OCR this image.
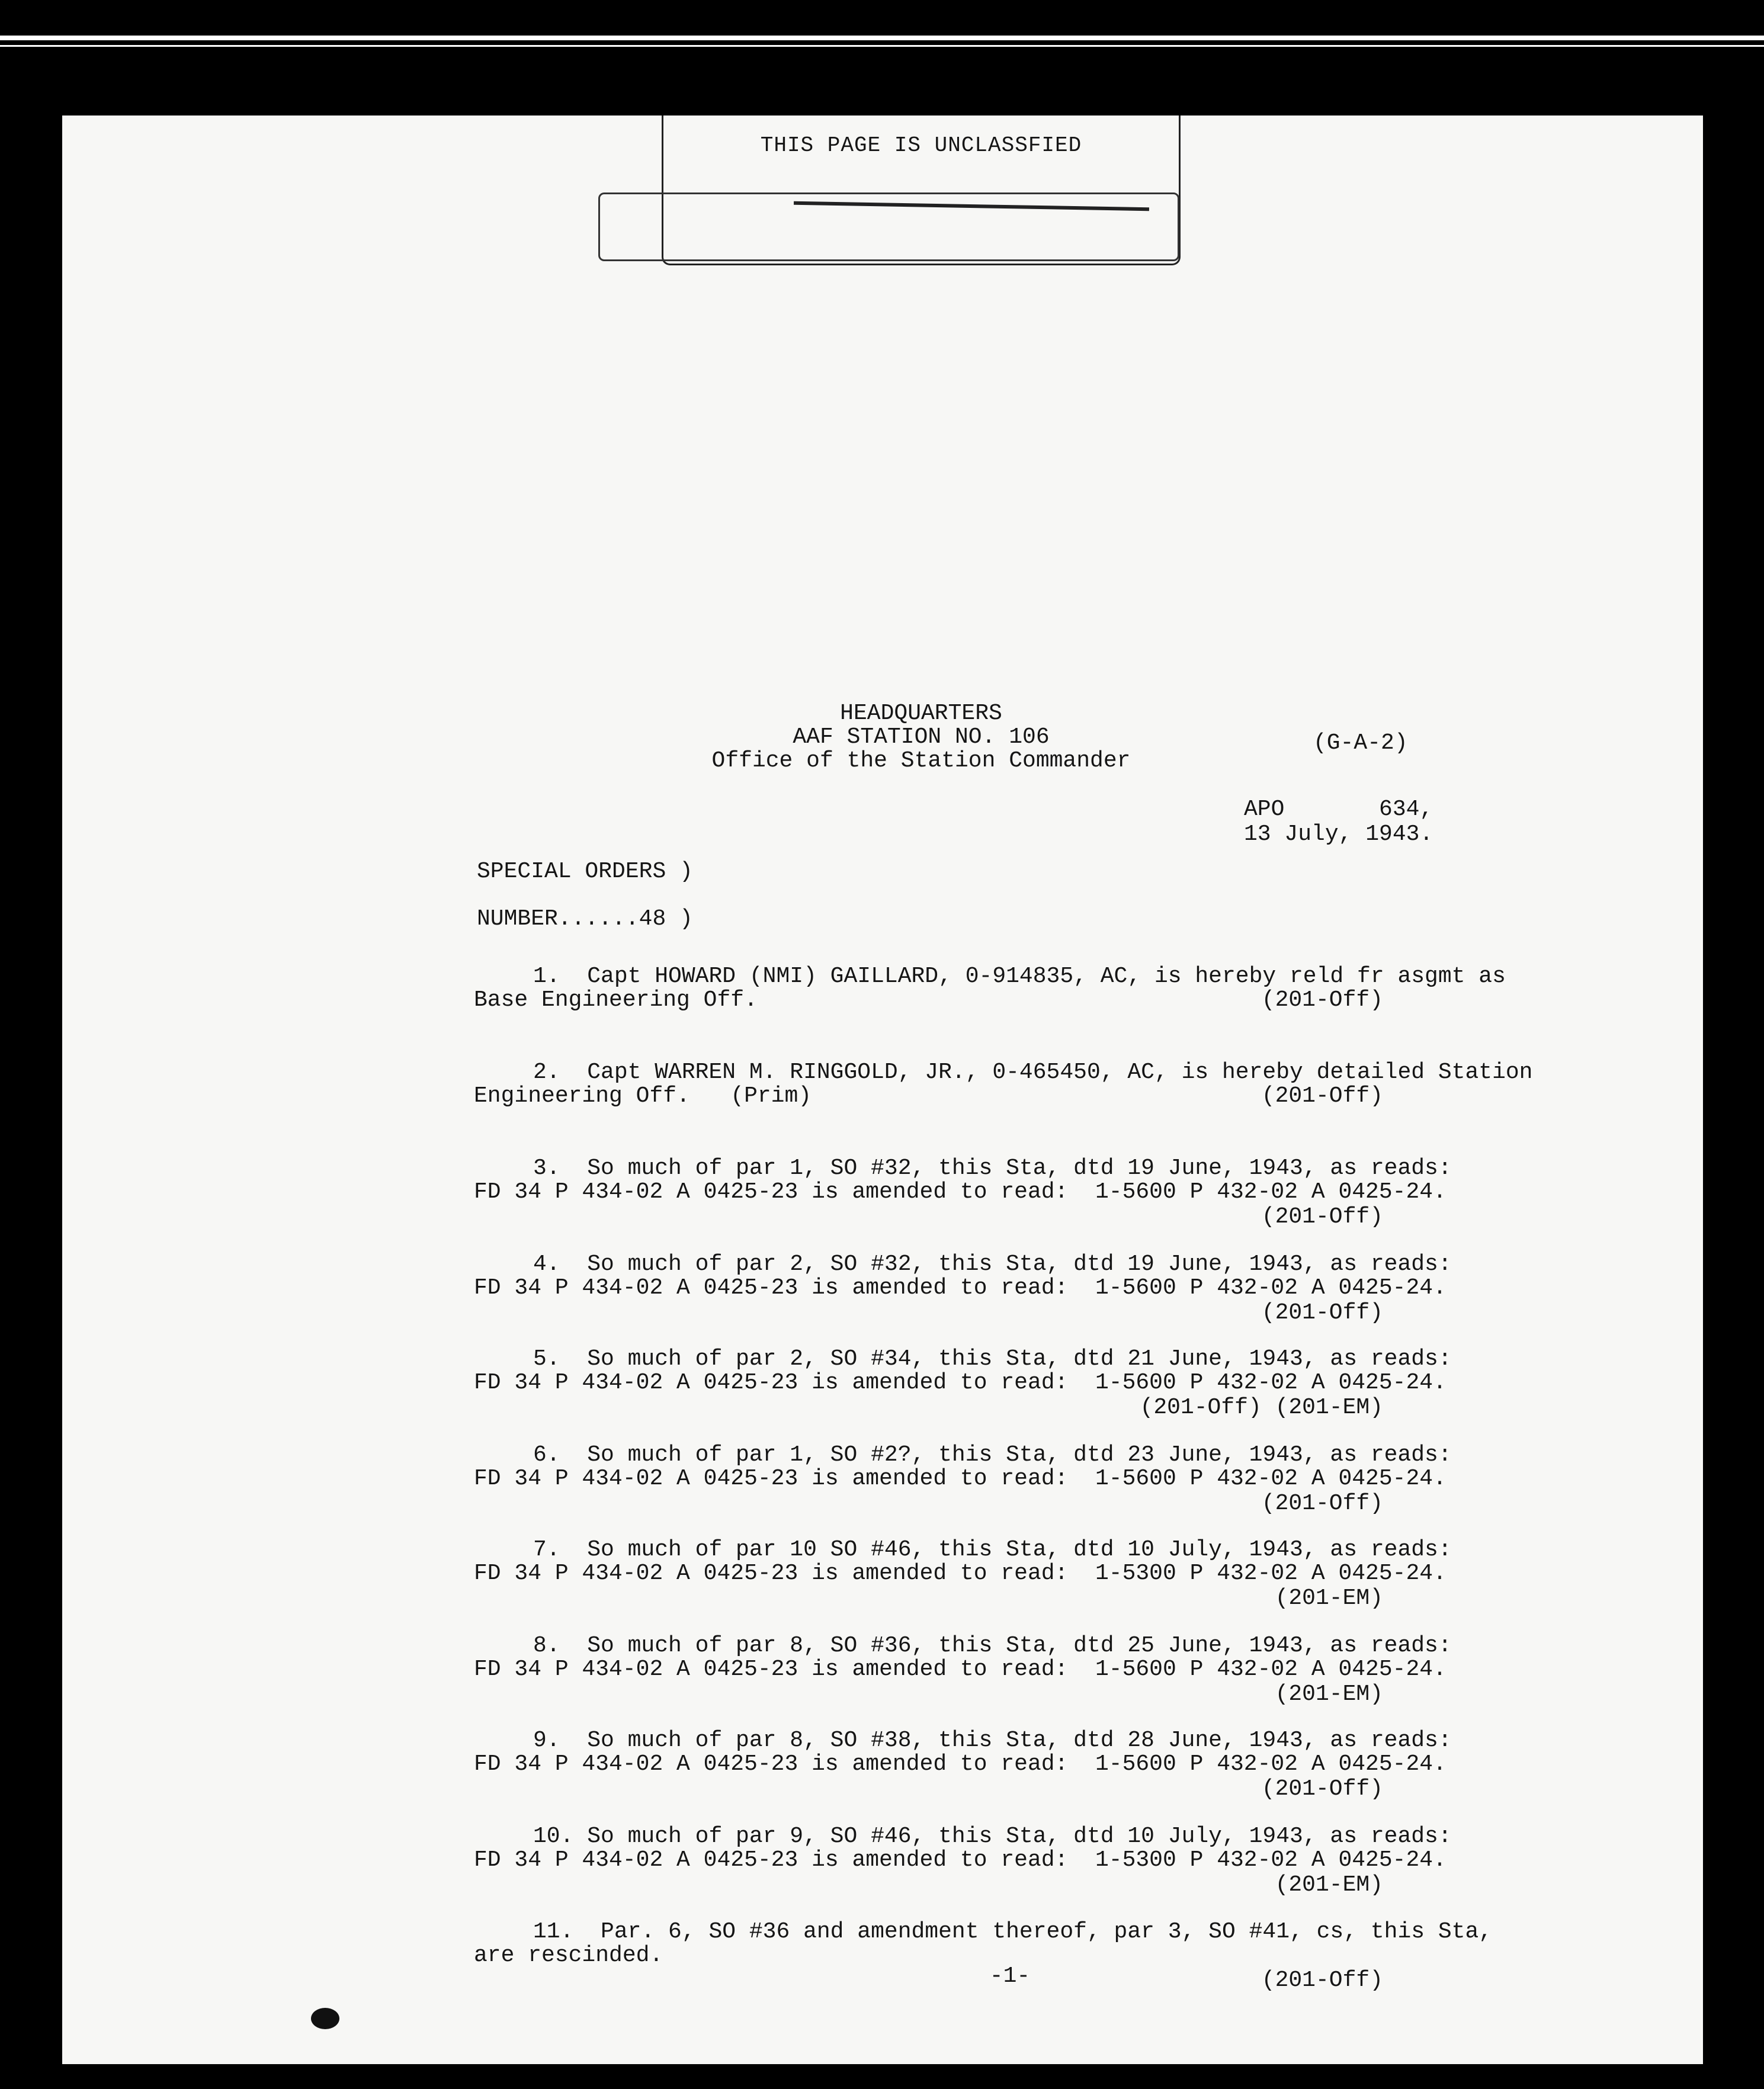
THIS PAGE IS UNCLASSFIED
HEADQUARTERS
AAF STATION NO. 106
Office of the Station Commander
(G-A-2)
APO       634,
13 July, 1943.
SPECIAL ORDERS )
NUMBER......48 )
1.  Capt HOWARD (NMI) GAILLARD, 0-914835, AC, is hereby reld fr asgmt as
Base Engineering Off.	(201-Off)
2.  Capt WARREN M. RINGGOLD, JR., 0-465450, AC, is hereby detailed Station
Engineering Off.   (Prim)	(201-Off)
3.  So much of par 1, SO #32, this Sta, dtd 19 June, 1943, as reads:
FD 34 P 434-02 A 0425-23 is amended to read:  1-5600 P 432-02 A 0425-24.
(201-Off)
4.  So much of par 2, SO #32, this Sta, dtd 19 June, 1943, as reads:
FD 34 P 434-02 A 0425-23 is amended to read:  1-5600 P 432-02 A 0425-24.
(201-Off)
5.  So much of par 2, SO #34, this Sta, dtd 21 June, 1943, as reads:
FD 34 P 434-02 A 0425-23 is amended to read:  1-5600 P 432-02 A 0425-24.
(201-Off) (201-EM)
6.  So much of par 1, SO #2?, this Sta, dtd 23 June, 1943, as reads:
FD 34 P 434-02 A 0425-23 is amended to read:  1-5600 P 432-02 A 0425-24.
(201-Off)
7.  So much of par 10 SO #46, this Sta, dtd 10 July, 1943, as reads:
FD 34 P 434-02 A 0425-23 is amended to read:  1-5300 P 432-02 A 0425-24.
(201-EM)
8.  So much of par 8, SO #36, this Sta, dtd 25 June, 1943, as reads:
FD 34 P 434-02 A 0425-23 is amended to read:  1-5600 P 432-02 A 0425-24.
(201-EM)
9.  So much of par 8, SO #38, this Sta, dtd 28 June, 1943, as reads:
FD 34 P 434-02 A 0425-23 is amended to read:  1-5600 P 432-02 A 0425-24.
(201-Off)
10. So much of par 9, SO #46, this Sta, dtd 10 July, 1943, as reads:
FD 34 P 434-02 A 0425-23 is amended to read:  1-5300 P 432-02 A 0425-24.
(201-EM)
11.  Par. 6, SO #36 and amendment thereof, par 3, SO #41, cs, this Sta,
are rescinded.
(201-Off)
-1-
